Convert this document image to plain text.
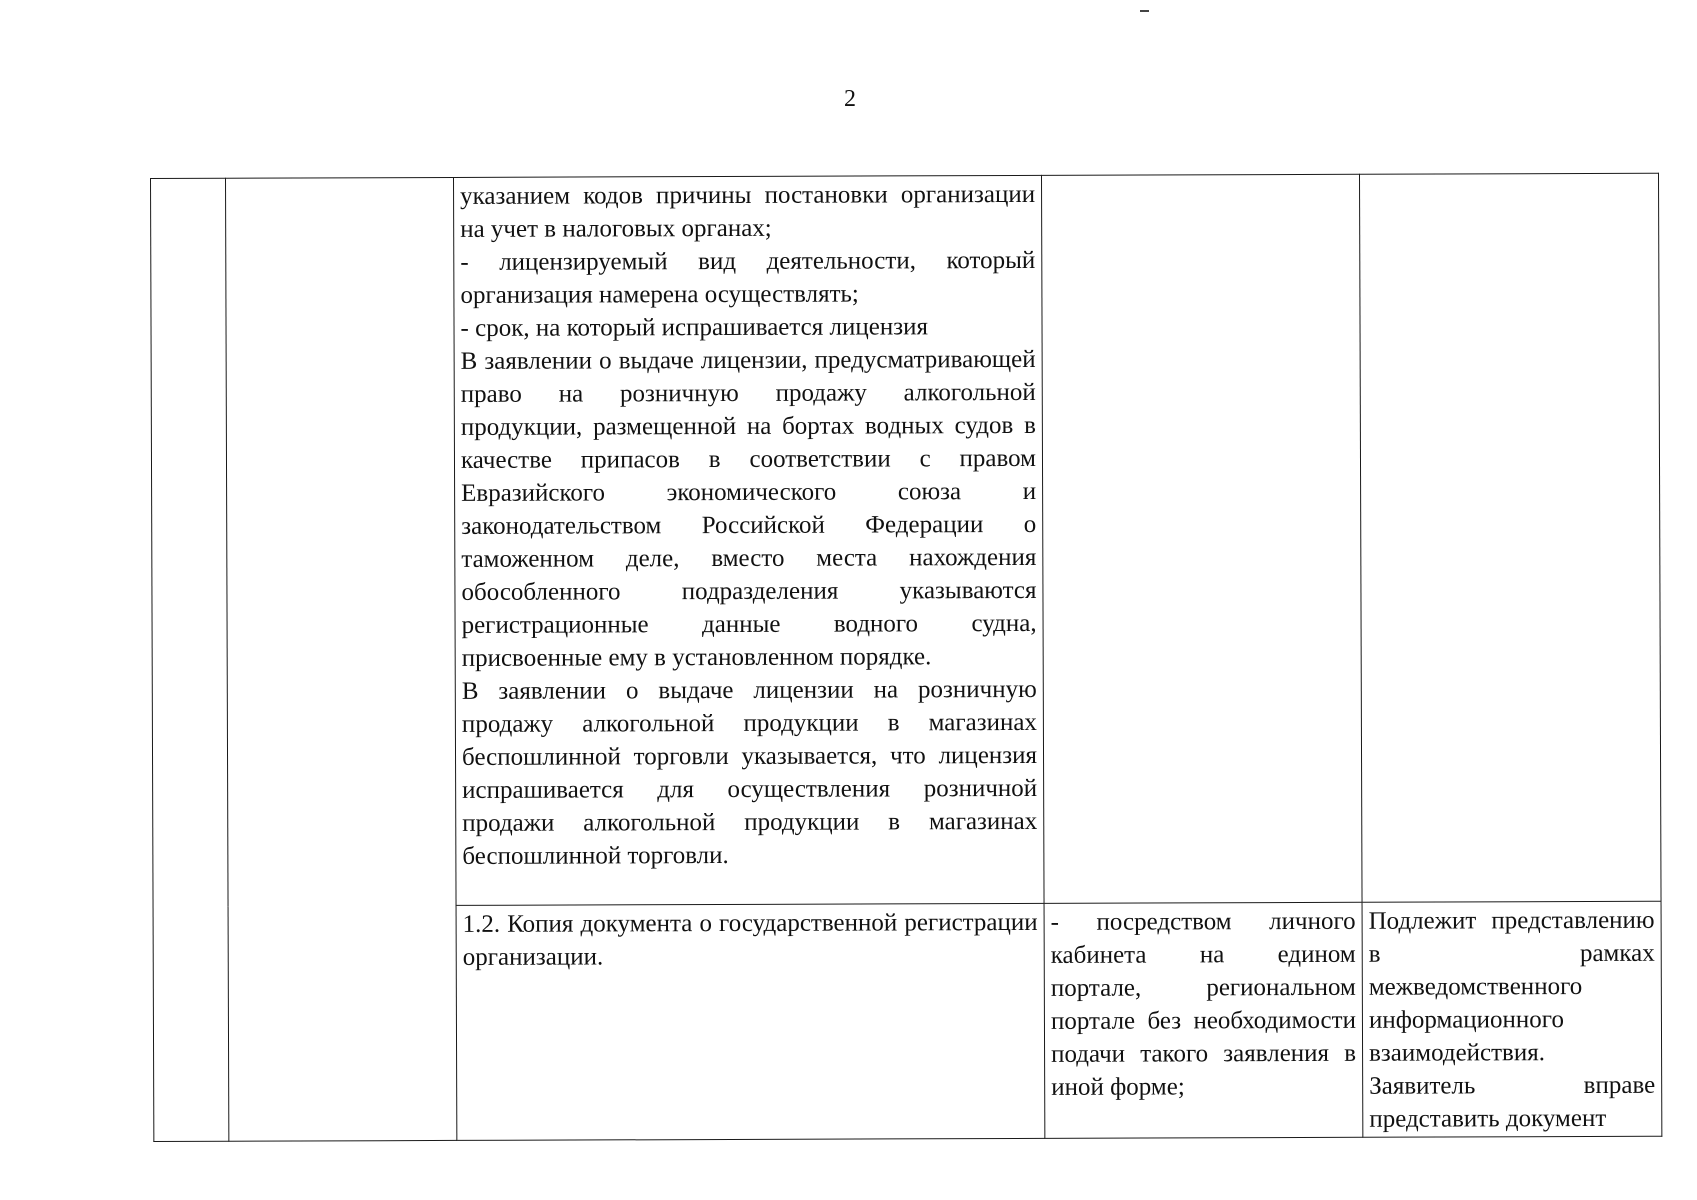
2

		указанием кодов причины постановки организации на учет в налоговых органах;

- лицензируемый вид деятельности, который организация намерена осуществлять;

- срок, на который испрашивается лицензия

В заявлении о выдаче лицензии, предусматривающей право на розничную продажу алкогольной продукции, размещенной на бортах водных судов в качестве припасов в соответствии с правом Евразийского экономического союза и законодательством Российской Федерации о таможенном деле, вместо места нахождения обособленного подразделения указываются регистрационные данные водного судна, присвоенные ему в установленном порядке.

В заявлении о выдаче лицензии на розничную продажу алкогольной продукции в магазинах беспошлинной торговли указывается, что лицензия испрашивается для осуществления розничной продажи алкогольной продукции в магазинах беспошлинной торговли.		

		1.2. Копия документа о государственной регистрации организации.	- посредством личного кабинета на едином портале, региональном портале без необходимости подачи такого заявления в иной форме;	Подлежит представлению в рамках межведомственного информационного взаимодействия.

Заявитель вправе представить документ
